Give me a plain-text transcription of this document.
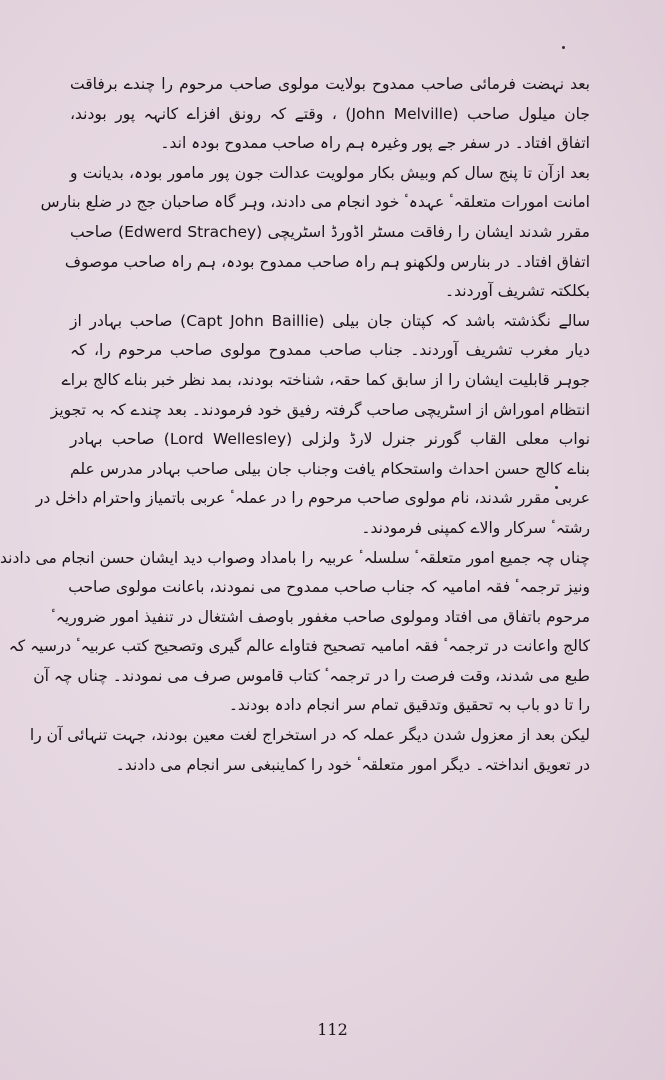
بعد نہضت فرمائی صاحب ممدوح بولایت مولوی صاحب مرحوم را چندے برفاقت
جان میلول صاحب (John Melville) ، وقتے کہ رونق افزاے کانہہ پور بودند،
اتفاق افتاد۔ در سفر جے پور وغیرہ ہم راہ صاحب ممدوح بودہ اند۔
بعد ازآن تا پنج سال کم وبیش بکار مولویت عدالت جون پور مامور بودہ، بدیانت و
امانت امورات متعلقہٴ عہدہٴ خود انجام می دادند، وہر گاہ صاحبان جج در ضلع بنارس
مقرر شدند ایشان را رفاقت مسٹر اڈورڈ اسٹریچی (Edwerd Strachey) صاحب
اتفاق افتاد۔ در بنارس ولکھنو ہم راہ صاحب ممدوح بودہ، ہم راہ صاحب موصوف
بکلکتہ تشریف آوردند۔
سالے نگذشتہ باشد کہ کپتان جان بیلی (Capt John Baillie) صاحب بہادر از
دیار مغرب تشریف آوردند۔ جناب صاحب ممدوح مولوی صاحب مرحوم را، کہ
جوہر قابلیت ایشان را از سابق کما حقہ، شناختہ بودند، بمد نظر خبر بناے کالج براے
انتظام اموراش از اسٹریچی صاحب گرفتہ رفیق خود فرمودند۔ بعد چندے کہ بہ تجویز
نواب معلی القاب گورنر جنرل لارڈ ولزلی (Lord Wellesley) صاحب بہادر
بناے کالج حسن احداث واستحکام یافت وجناب جان بیلی صاحب بہادر مدرس علم
عربی مقرر شدند، نام مولوی صاحب مرحوم را در عملہٴ عربی باتمیاز واحترام داخل در
رشتہٴ سرکار والاے کمپنی فرمودند۔
چناں چہ جمیع امور متعلقہٴ سلسلہٴ عربیہ را بامداد وصواب دید ایشان حسن انجام می دادند
ونیز ترجمہٴ فقہ امامیہ کہ جناب صاحب ممدوح می نمودند، باعانت مولوی صاحب
مرحوم باتفاق می افتاد ومولوی صاحب مغفور باوصف اشتغال در تنفیذ امور ضروریہٴ
کالج واعانت در ترجمہٴ فقہ امامیہ تصحیح فتاواے عالم گیری وتصحیح کتب عربیہٴ درسیہ کہ
طبع می شدند، وقت فرصت را در ترجمہٴ کتاب قاموس صرف می نمودند۔ چناں چہ آن
را تا دو باب بہ تحقیق وتدقیق تمام سر انجام دادہ بودند۔
لیکن بعد از معزول شدن دیگر عملہ کہ در استخراج لغت معین بودند، جہت تنہائی آن را
در تعویق انداختہ۔ دیگر امور متعلقہٴ خود را کماینبغی سر انجام می دادند۔
112
